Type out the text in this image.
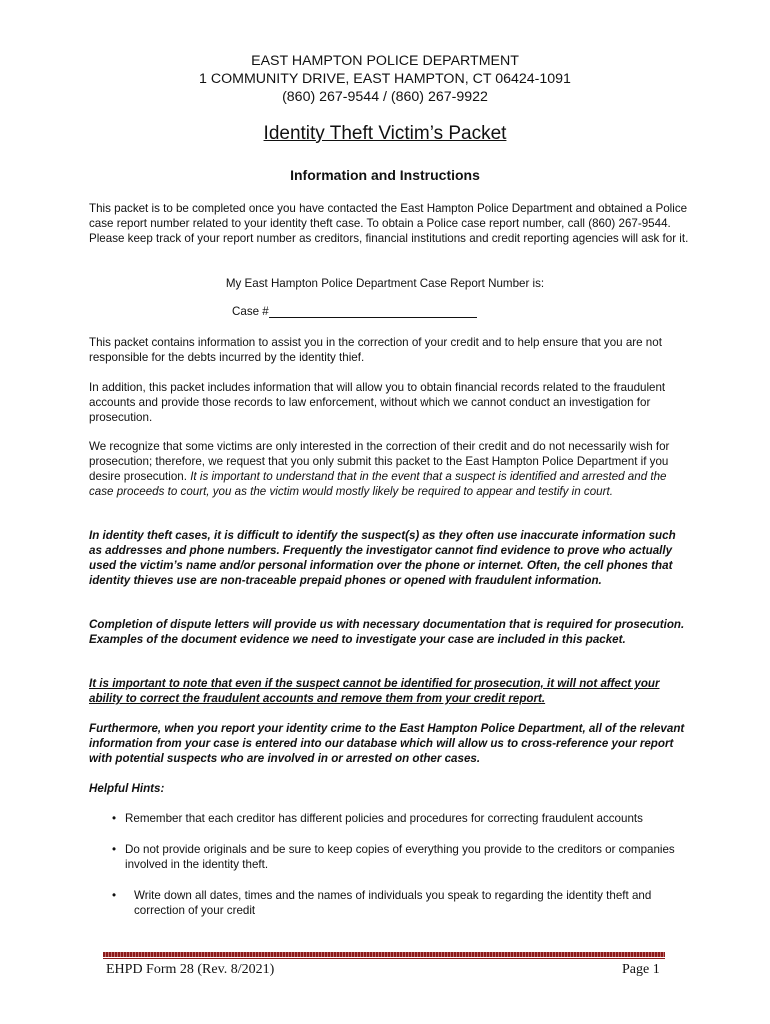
EAST HAMPTON POLICE DEPARTMENT
1 COMMUNITY DRIVE, EAST HAMPTON, CT 06424-1091
(860) 267-9544 / (860) 267-9922
Identity Theft Victim’s Packet
Information and Instructions

This packet is to be completed once you have contacted the East Hampton Police Department and obtained a Police case report number related to your identity theft case. To obtain a Police case report number, call (860) 267-9544. Please keep track of your report number as creditors, financial institutions and credit reporting agencies will ask for it.

My East Hampton Police Department Case Report Number is:
Case #

This packet contains information to assist you in the correction of your credit and to help ensure that you are not responsible for the debts incurred by the identity thief.

In addition, this packet includes information that will allow you to obtain financial records related to the fraudulent accounts and provide those records to law enforcement, without which we cannot conduct an investigation for prosecution.

We recognize that some victims are only interested in the correction of their credit and do not necessarily wish for prosecution; therefore, we request that you only submit this packet to the East Hampton Police Department if you desire prosecution. It is important to understand that in the event that a suspect is identified and arrested and the case proceeds to court, you as the victim would mostly likely be required to appear and testify in court.

In identity theft cases, it is difficult to identify the suspect(s) as they often use inaccurate information such as addresses and phone numbers. Frequently the investigator cannot find evidence to prove who actually used the victim’s name and/or personal information over the phone or internet. Often, the cell phones that identity thieves use are non-traceable prepaid phones or opened with fraudulent information.

Completion of dispute letters will provide us with necessary documentation that is required for prosecution. Examples of the document evidence we need to investigate your case are included in this packet.

It is important to note that even if the suspect cannot be identified for prosecution, it will not affect your ability to correct the fraudulent accounts and remove them from your credit report.

Furthermore, when you report your identity crime to the East Hampton Police Department, all of the relevant information from your case is entered into our database which will allow us to cross-reference your report with potential suspects who are involved in or arrested on other cases.

Helpful Hints:

• Remember that each creditor has different policies and procedures for correcting fraudulent accounts
• Do not provide originals and be sure to keep copies of everything you provide to the creditors or companies involved in the identity theft.
• Write down all dates, times and the names of individuals you speak to regarding the identity theft and correction of your credit
EHPD Form 28 (Rev. 8/2021)	Page 1
